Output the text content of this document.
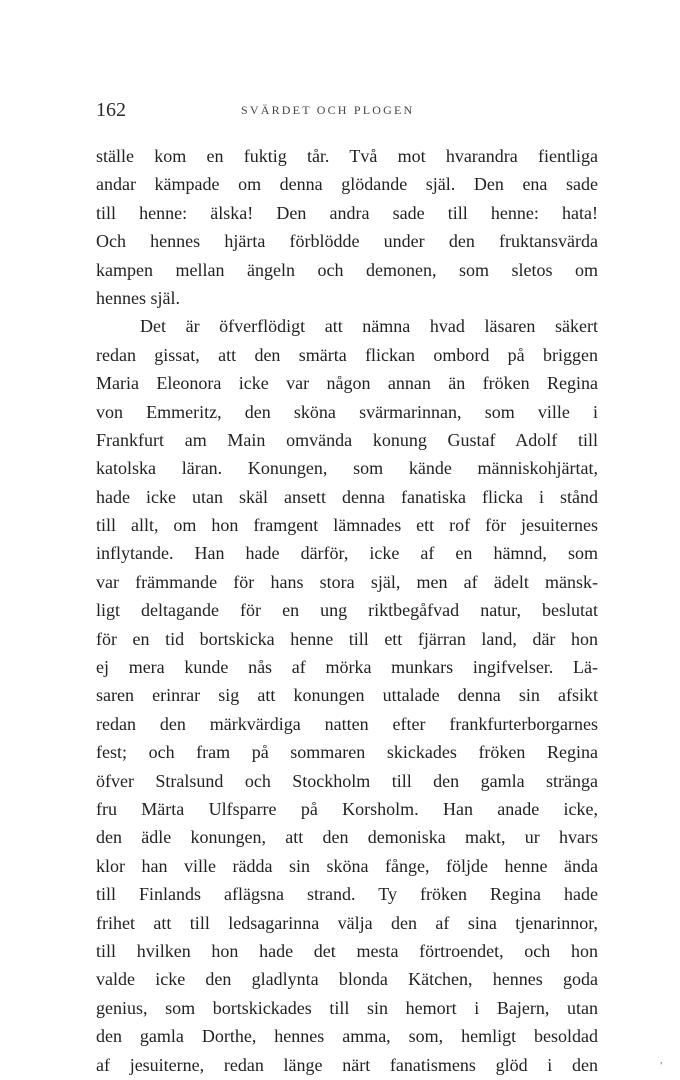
162	SVÄRDET OCH PLOGEN
ställe kom en fuktig tår. Två mot hvarandra fientliga
andar kämpade om denna glödande själ. Den ena sade
till henne: älska! Den andra sade till henne: hata!
Och hennes hjärta förblödde under den fruktansvärda
kampen mellan ängeln och demonen, som sletos om
hennes själ.
Det är öfverflödigt att nämna hvad läsaren säkert
redan gissat, att den smärta flickan ombord på briggen
Maria Eleonora icke var någon annan än fröken Regina
von Emmeritz, den sköna svärmarinnan, som ville i
Frankfurt am Main omvända konung Gustaf Adolf till
katolska läran. Konungen, som kände människohjärtat,
hade icke utan skäl ansett denna fanatiska flicka i stånd
till allt, om hon framgent lämnades ett rof för jesuiternes
inflytande. Han hade därför, icke af en hämnd, som
var främmande för hans stora själ, men af ädelt mänsk-
ligt deltagande för en ung riktbegåfvad natur, beslutat
för en tid bortskicka henne till ett fjärran land, där hon
ej mera kunde nås af mörka munkars ingifvelser. Lä-
saren erinrar sig att konungen uttalade denna sin afsikt
redan den märkvärdiga natten efter frankfurterborgarnes
fest; och fram på sommaren skickades fröken Regina
öfver Stralsund och Stockholm till den gamla stränga
fru Märta Ulfsparre på Korsholm. Han anade icke,
den ädle konungen, att den demoniska makt, ur hvars
klor han ville rädda sin sköna fånge, följde henne ända
till Finlands aflägsna strand. Ty fröken Regina hade
frihet att till ledsagarinna välja den af sina tjenarinnor,
till hvilken hon hade det mesta förtroendet, och hon
valde icke den gladlynta blonda Kätchen, hennes goda
genius, som bortskickades till sin hemort i Bajern, utan
den gamla Dorthe, hennes amma, som, hemligt besoldad
af jesuiterne, redan länge närt fanatismens glöd i den	'
